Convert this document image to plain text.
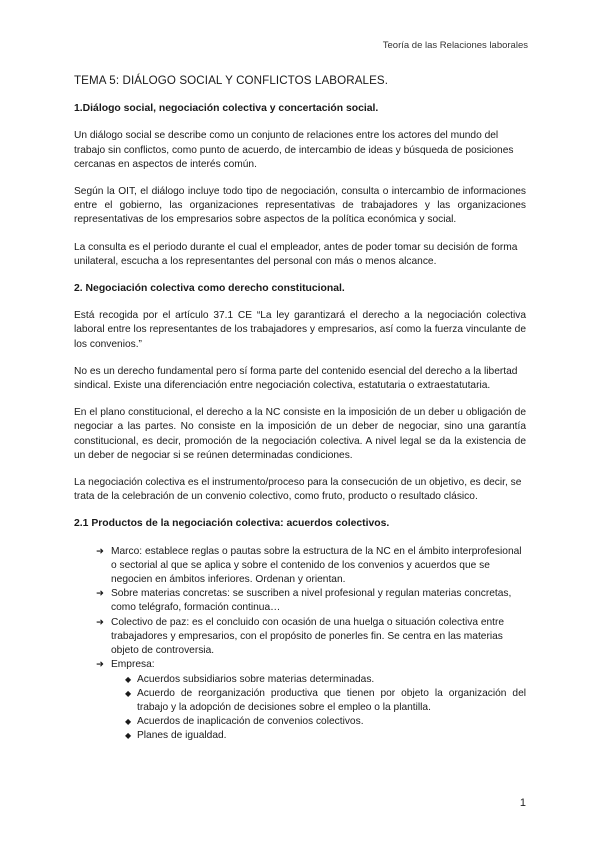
Teoría de las Relaciones laborales
TEMA 5: DIÁLOGO SOCIAL Y CONFLICTOS LABORALES.
1.Diálogo social, negociación colectiva y concertación social.

Un diálogo social se describe como un conjunto de relaciones entre los actores del mundo del trabajo sin conflictos, como punto de acuerdo, de intercambio de ideas y búsqueda de posiciones cercanas en aspectos de interés común.

Según la OIT, el diálogo incluye todo tipo de negociación, consulta o intercambio de informaciones entre el gobierno, las organizaciones representativas de trabajadores y las organizaciones representativas de los empresarios sobre aspectos de la política económica y social.

La consulta es el periodo durante el cual el empleador, antes de poder tomar su decisión de forma unilateral, escucha a los representantes del personal con más o menos alcance.

2. Negociación colectiva como derecho constitucional.

Está recogida por el artículo 37.1 CE “La ley garantizará el derecho a la negociación colectiva laboral entre los representantes de los trabajadores y empresarios, así como la fuerza vinculante de los convenios.”

No es un derecho fundamental pero sí forma parte del contenido esencial del derecho a la libertad sindical. Existe una diferenciación entre negociación colectiva, estatutaria o extraestatutaria.

En el plano constitucional, el derecho a la NC consiste en la imposición de un deber u obligación de negociar a las partes. No consiste en la imposición de un deber de negociar, sino una garantía constitucional, es decir, promoción de la negociación colectiva. A nivel legal se da la existencia de un deber de negociar si se reúnen determinadas condiciones.

La negociación colectiva es el instrumento/proceso para la consecución de un objetivo, es decir, se trata de la celebración de un convenio colectivo, como fruto, producto o resultado clásico.

2.1 Productos de la negociación colectiva: acuerdos colectivos.
➜ Marco: establece reglas o pautas sobre la estructura de la NC en el ámbito interprofesional o sectorial al que se aplica y sobre el contenido de los convenios y acuerdos que se negocien en ámbitos inferiores. Ordenan y orientan.
➜ Sobre materias concretas: se suscriben a nivel profesional y regulan materias concretas, como telégrafo, formación continua…
➜ Colectivo de paz: es el concluido con ocasión de una huelga o situación colectiva entre trabajadores y empresarios, con el propósito de ponerles fin. Se centra en las materias objeto de controversia.
➜ Empresa:
◆ Acuerdos subsidiarios sobre materias determinadas.
◆ Acuerdo de reorganización productiva que tienen por objeto la organización del trabajo y la adopción de decisiones sobre el empleo o la plantilla.
◆ Acuerdos de inaplicación de convenios colectivos.
◆ Planes de igualdad.
1
